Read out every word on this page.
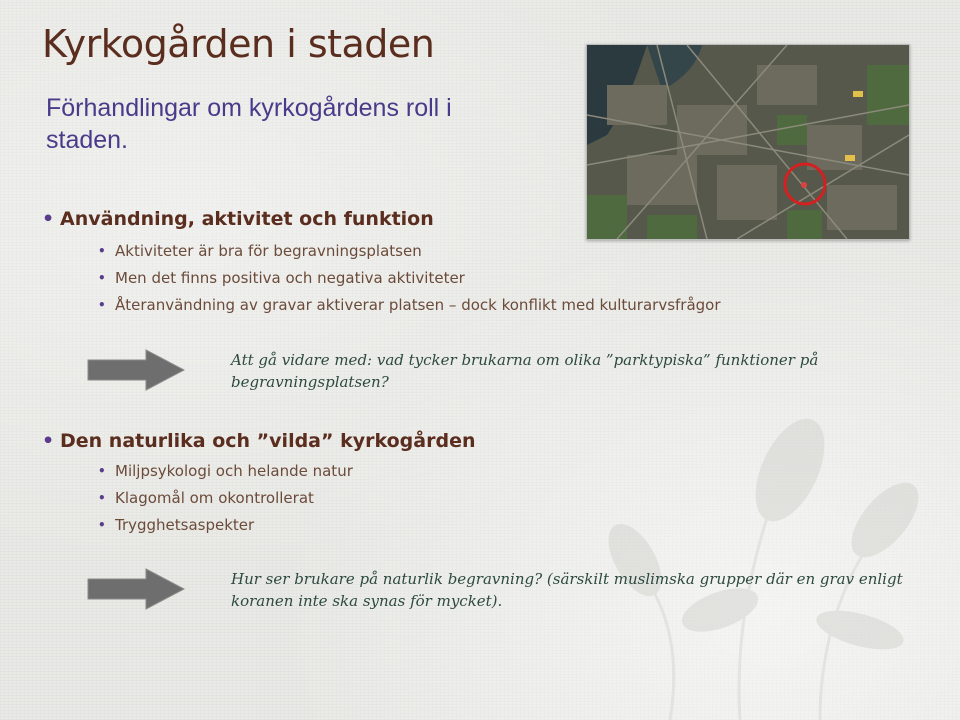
Kyrkogården i staden
Förhandlingar om kyrkogårdens roll i staden.
• Användning, aktivitet och funktion
• Aktiviteter är bra för begravningsplatsen
• Men det finns positiva och negativa aktiviteter
• Återanvändning av gravar aktiverar platsen – dock konflikt med kulturarvsfrågor
Att gå vidare med: vad tycker brukarna om olika ”parktypiska” funktioner på
begravningsplatsen?
• Den naturlika och ”vilda” kyrkogården
• Miljpsykologi och helande natur
• Klagomål om okontrollerat
• Trygghetsaspekter
Hur ser brukare på naturlik begravning? (särskilt muslimska grupper där en grav enligt
koranen inte ska synas för mycket).
